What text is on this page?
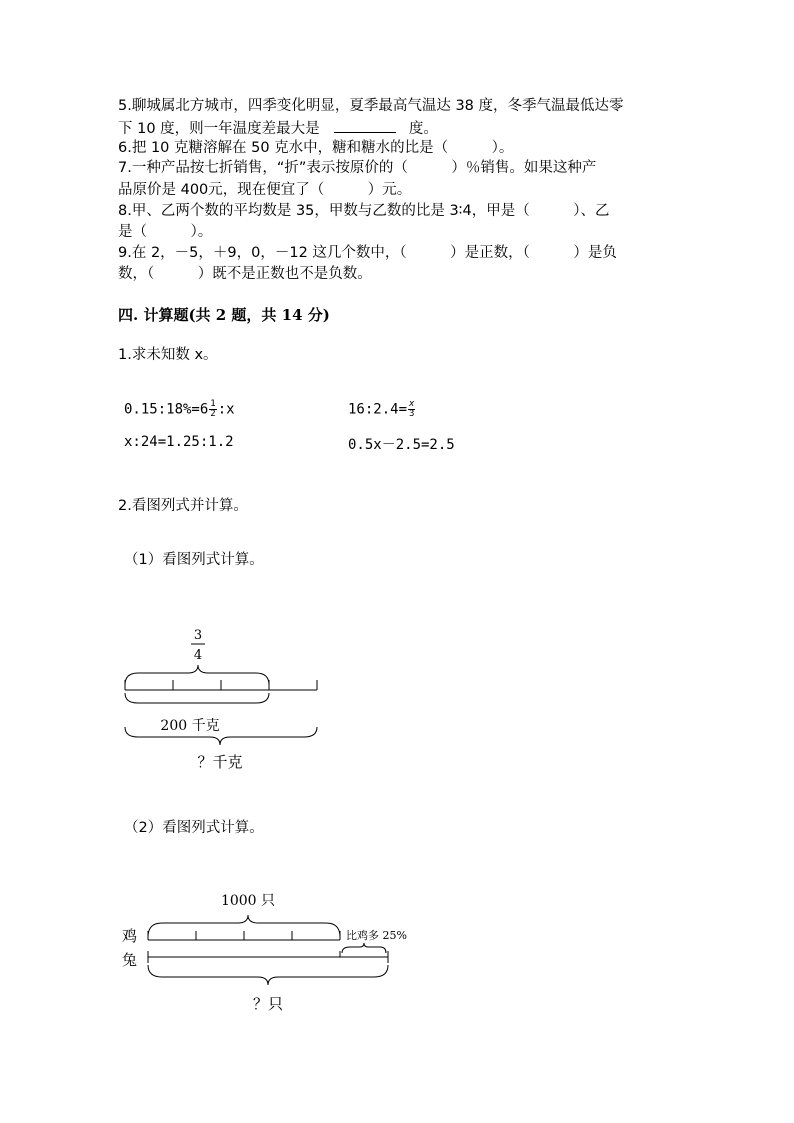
5.聊城属北方城市，四季变化明显，夏季最高气温达 38 度，冬季气温最低达零
下 10 度，则一年温度差最大是	度。
6.把 10 克糖溶解在 50 克水中，糖和糖水的比是（　　　）。
7.一种产品按七折销售，“折”表示按原价的（　　　）％销售。如果这种产
品原价是 400元，现在便宜了（　　　）元。
8.甲、乙两个数的平均数是 35，甲数与乙数的比是 3∶4，甲是（　　　）、乙
是（　　　）。
9.在 2，－5，＋9，0，－12 这几个数中，（　　　）是正数，（　　　）是负
数，（　　　）既不是正数也不是负数。
四. 计算题(共 2 题，共 14 分)
1.求未知数 x。
0.15:18%=6 $\frac{1}{2}$ :x	16:2.4= $\frac{x}{3}$
x:24=1.25:1.2	0.5x－2.5=2.5
2.看图列式并计算。
（1）看图列式计算。
3
4
200 千克
？千克
（2）看图列式计算。
1000 只
鸡
兔
比鸡多 25%
？只
